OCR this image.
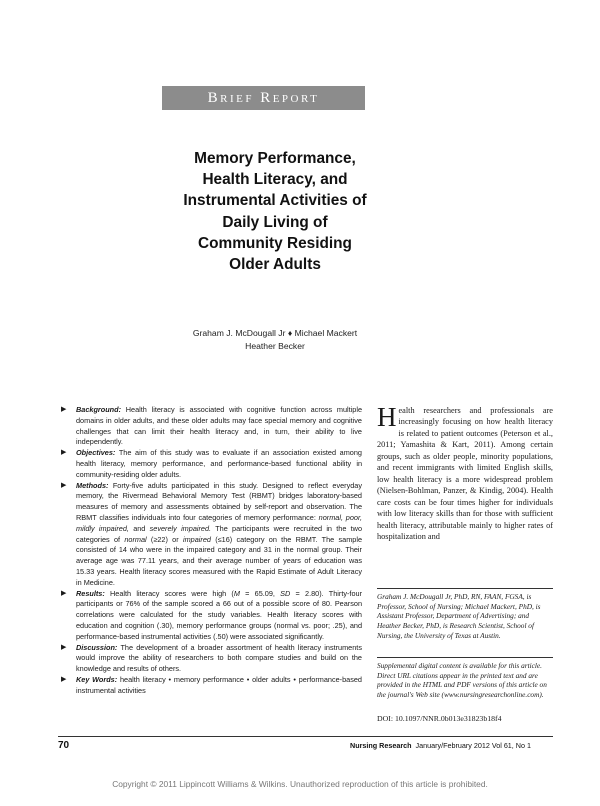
Brief Report
Memory Performance, Health Literacy, and Instrumental Activities of Daily Living of Community Residing Older Adults
Graham J. McDougall Jr ♦ Michael Mackert
Heather Becker
▶ Background: Health literacy is associated with cognitive function across multiple domains in older adults, and these older adults may face special memory and cognitive challenges that can limit their health literacy and, in turn, their ability to live independently.
▶ Objectives: The aim of this study was to evaluate if an association existed among health literacy, memory performance, and performance-based functional ability in community-residing older adults.
▶ Methods: Forty-five adults participated in this study. Designed to reflect everyday memory, the Rivermead Behavioral Memory Test (RBMT) bridges laboratory-based measures of memory and assessments obtained by self-report and observation. The RBMT classifies individuals into four categories of memory performance: normal, poor, mildly impaired, and severely impaired. The participants were recruited in the two categories of normal (≥22) or impaired (≤16) category on the RBMT. The sample consisted of 14 who were in the impaired category and 31 in the normal group. Their average age was 77.11 years, and their average number of years of education was 15.33 years. Health literacy scores measured with the Rapid Estimate of Adult Literacy in Medicine.
▶ Results: Health literacy scores were high (M = 65.09, SD = 2.80). Thirty-four participants or 76% of the sample scored a 66 out of a possible score of 80. Pearson correlations were calculated for the study variables. Health literacy scores with education and cognition (.30), memory performance groups (normal vs. poor; .25), and performance-based instrumental activities (.50) were associated significantly.
▶ Discussion: The development of a broader assortment of health literacy instruments would improve the ability of researchers to both compare studies and build on the knowledge and results of others.
▶ Key Words: health literacy • memory performance • older adults • performance-based instrumental activities
Health researchers and professionals are increasingly focusing on how health literacy is related to patient outcomes (Peterson et al., 2011; Yamashita & Kart, 2011). Among certain groups, such as older people, minority populations, and recent immigrants with limited English skills, low health literacy is a more widespread problem (Nielsen-Bohlman, Panzer, & Kindig, 2004). Health care costs can be four times higher for individuals with low literacy skills than for those with sufficient health literacy, attributable mainly to higher rates of hospitalization and
Graham J. McDougall Jr, PhD, RN, FAAN, FGSA, is Professor, School of Nursing; Michael Mackert, PhD, is Assistant Professor, Department of Advertising; and Heather Becker, PhD, is Research Scientist, School of Nursing, the University of Texas at Austin.
Supplemental digital content is available for this article. Direct URL citations appear in the printed text and are provided in the HTML and PDF versions of this article on the journal's Web site (www.nursingresearchonline.com).
DOI: 10.1097/NNR.0b013e31823b18f4
70	Nursing Research January/February 2012 Vol 61, No 1
Copyright © 2011 Lippincott Williams & Wilkins. Unauthorized reproduction of this article is prohibited.
